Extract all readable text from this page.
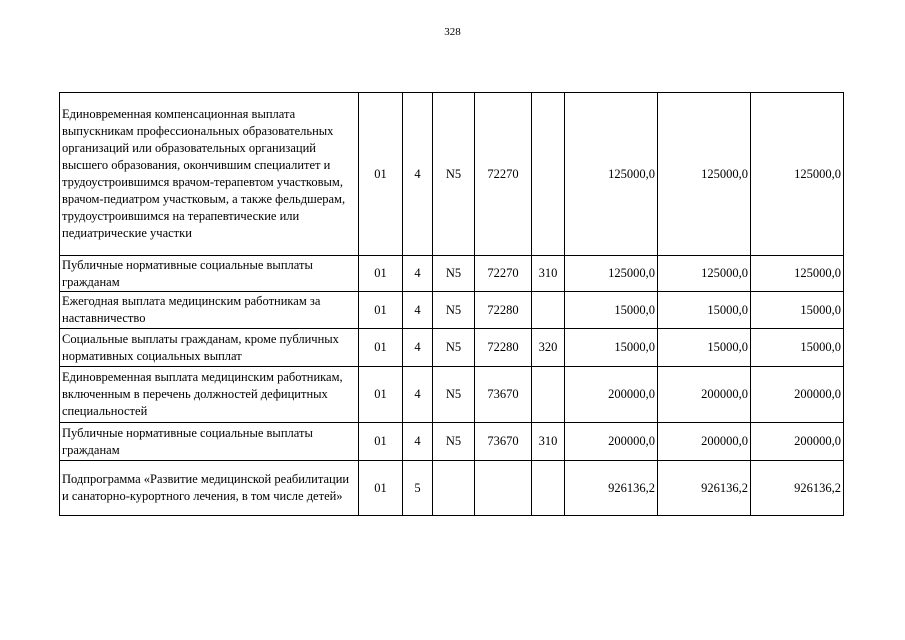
328
Единовременная компенсационная выплата выпускникам профессиональных образовательных организаций или образовательных организаций высшего образования, окончившим специалитет и трудоустроившимся врачом-терапевтом участковым, врачом-педиатром участковым, а также фельдшерам, трудоустроившимся на терапевтические или педиатрические участки	01	4	N5	72270		125000,0	125000,0	125000,0
Публичные нормативные социальные выплаты гражданам	01	4	N5	72270	310	125000,0	125000,0	125000,0
Ежегодная выплата медицинским работникам за наставничество	01	4	N5	72280		15000,0	15000,0	15000,0
Социальные выплаты гражданам, кроме публичных нормативных социальных выплат	01	4	N5	72280	320	15000,0	15000,0	15000,0
Единовременная выплата медицинским работникам, включенным в перечень должностей дефицитных специальностей	01	4	N5	73670		200000,0	200000,0	200000,0
Публичные нормативные социальные выплаты гражданам	01	4	N5	73670	310	200000,0	200000,0	200000,0
Подпрограмма «Развитие медицинской реабилитации и санаторно-курортного лечения, в том числе детей»	01	5				926136,2	926136,2	926136,2
